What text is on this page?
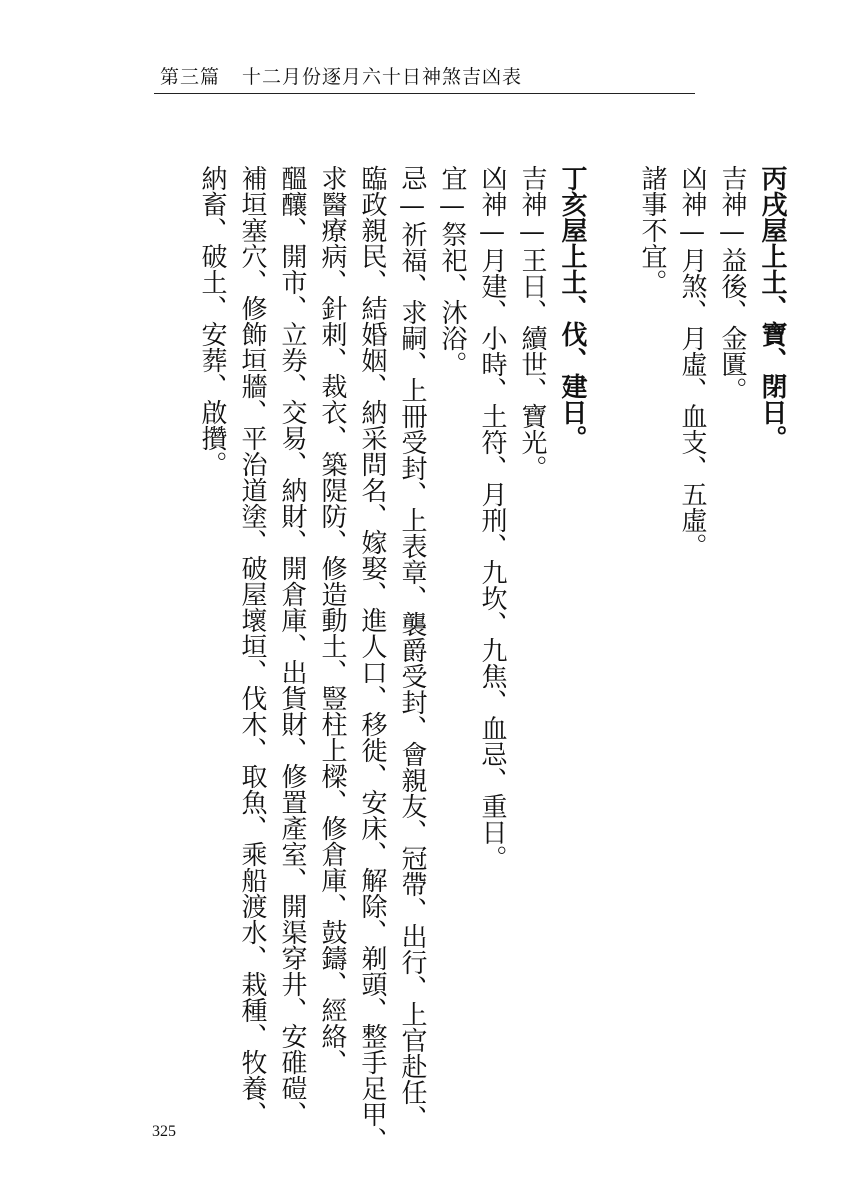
第三篇 十二月份逐月六十日神煞吉凶表
丙戌屋上土、寶、閉日。
吉神—益後、金匱。
凶神—月煞、月虛、血支、五虛。
諸事不宜。
丁亥屋上土、伐、建日。
吉神—王日、續世、寶光。
凶神—月建、小時、土符、月刑、九坎、九焦、血忌、重日。
宜—祭祀、沐浴。
忌—祈福、求嗣、上冊受封、上表章、襲爵受封、會親友、冠帶、出行、上官赴任、
臨政親民、結婚姻、納采問名、嫁娶、進人口、移徙、安床、解除、剃頭、整手足甲、
求醫療病、針刺、裁衣、築隄防、修造動土、豎柱上樑、修倉庫、鼓鑄、經絡、
醞釀、開市、立券、交易、納財、開倉庫、出貨財、修置產室、開渠穿井、安碓磑、
補垣塞穴、修飾垣牆、平治道塗、破屋壞垣、伐木、取魚、乘船渡水、栽種、牧養、
納畜、破土、安葬、啟攢。
325
